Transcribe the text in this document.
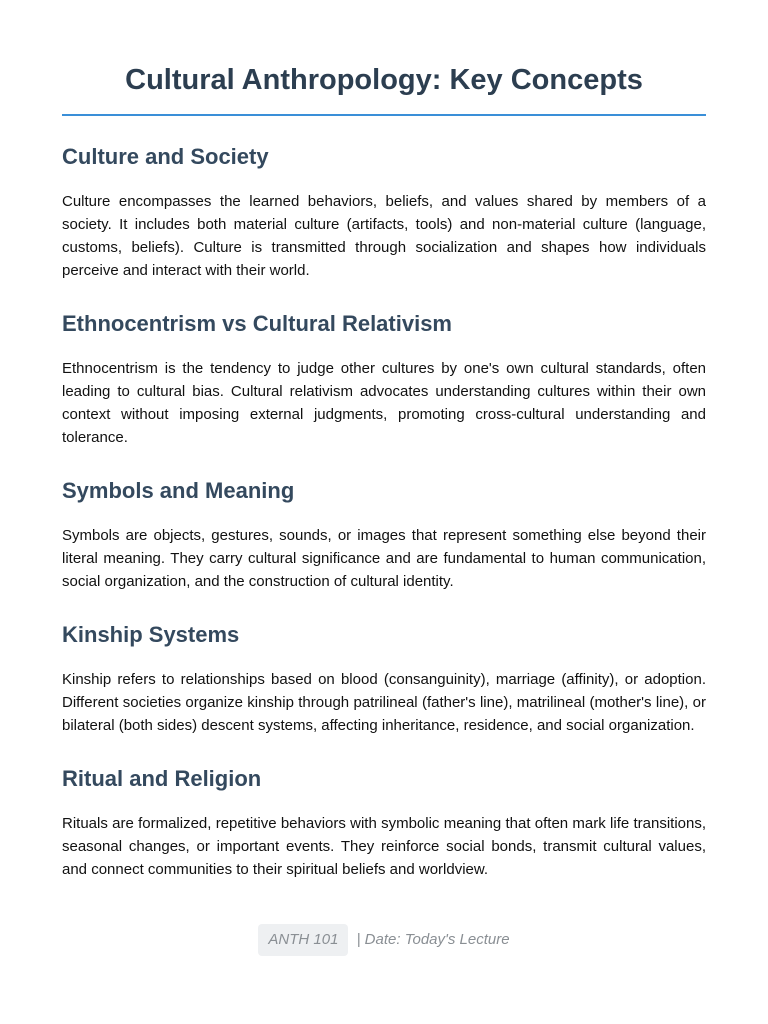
Cultural Anthropology: Key Concepts
Culture and Society

Culture encompasses the learned behaviors, beliefs, and values shared by members of a society. It includes both material culture (artifacts, tools) and non-material culture (language, customs, beliefs). Culture is transmitted through socialization and shapes how individuals perceive and interact with their world.

Ethnocentrism vs Cultural Relativism

Ethnocentrism is the tendency to judge other cultures by one's own cultural standards, often leading to cultural bias. Cultural relativism advocates understanding cultures within their own context without imposing external judgments, promoting cross-cultural understanding and tolerance.

Symbols and Meaning

Symbols are objects, gestures, sounds, or images that represent something else beyond their literal meaning. They carry cultural significance and are fundamental to human communication, social organization, and the construction of cultural identity.

Kinship Systems

Kinship refers to relationships based on blood (consanguinity), marriage (affinity), or adoption. Different societies organize kinship through patrilineal (father's line), matrilineal (mother's line), or bilateral (both sides) descent systems, affecting inheritance, residence, and social organization.

Ritual and Religion

Rituals are formalized, repetitive behaviors with symbolic meaning that often mark life transitions, seasonal changes, or important events. They reinforce social bonds, transmit cultural values, and connect communities to their spiritual beliefs and worldview.

ANTH 101 | Date: Today's Lecture
